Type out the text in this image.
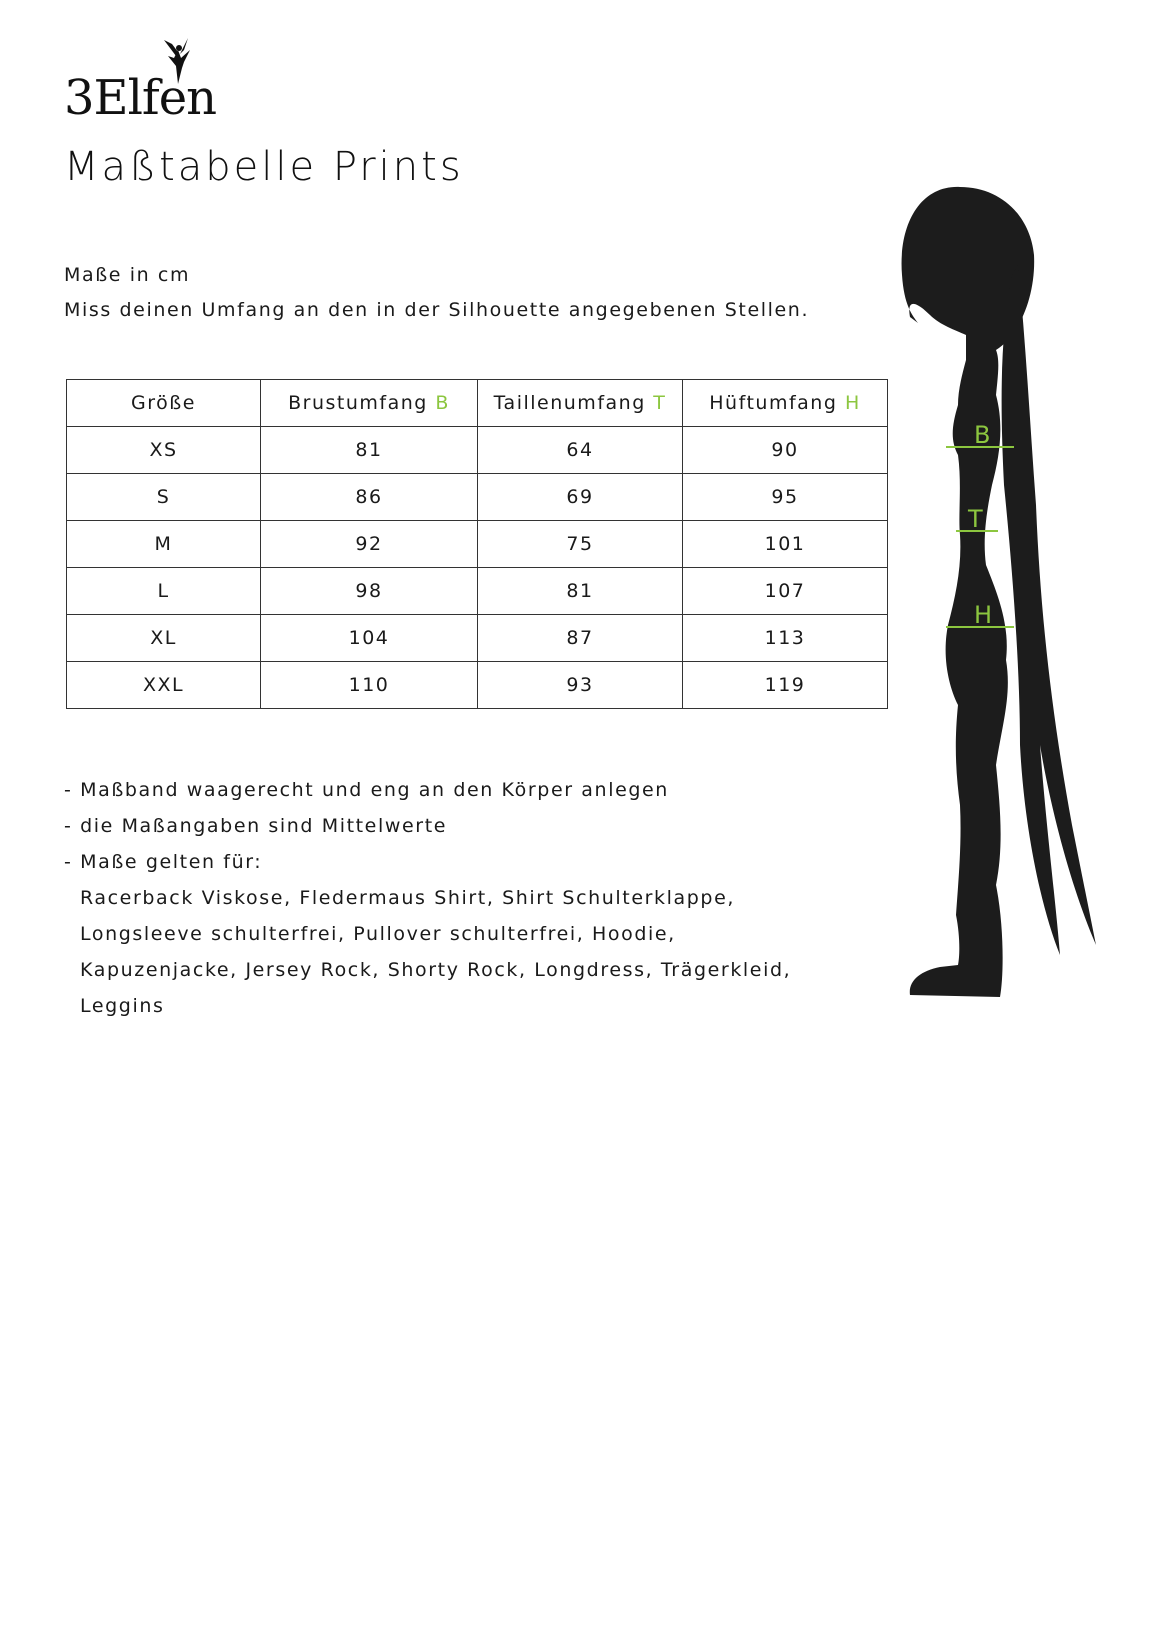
3Elfen
Maßtabelle Prints
Maße in cm
Miss deinen Umfang an den in der Silhouette angegebenen Stellen.
Größe	Brustumfang B	Taillenumfang T	Hüftumfang H
XS	81	64	90
S	86	69	95
M	92	75	101
L	98	81	107
XL	104	87	113
XXL	110	93	119
- Maßband waagerecht und eng an den Körper anlegen
- die Maßangaben sind Mittelwerte
- Maße gelten für:
Racerback Viskose, Fledermaus Shirt, Shirt Schulterklappe, Longsleeve schulterfrei, Pullover schulterfrei, Hoodie, Kapuzenjacke, Jersey Rock, Shorty Rock, Longdress, Trägerkleid, Leggins
B
T
H
